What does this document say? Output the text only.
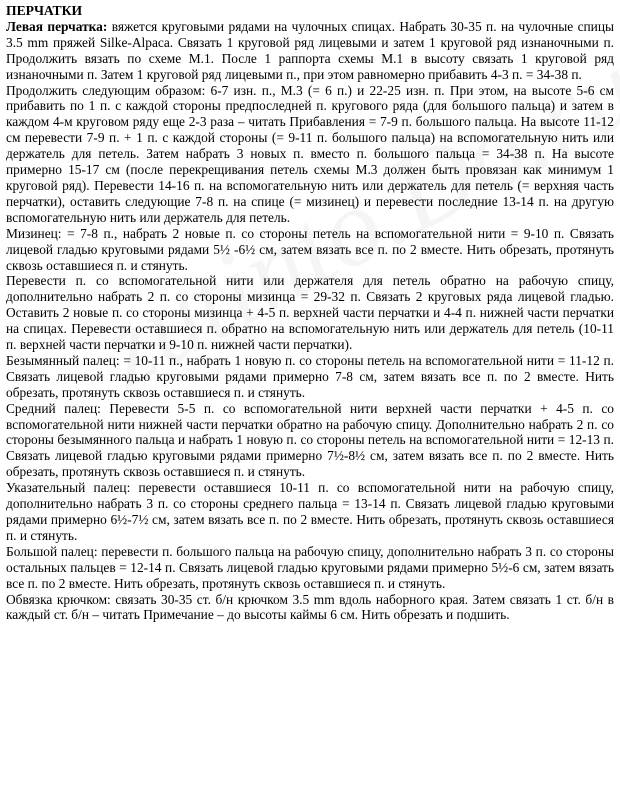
ПЕРЧАТКИ

Левая перчатка: вяжется круговыми рядами на чулочных спицах. Набрать 30-35 п. на чулочные спицы 3.5 mm пряжей Silke-Alpaca. Связать 1 круговой ряд лицевыми и затем 1 круговой ряд изнаночными п. Продолжить вязать по схеме М.1. После 1 раппорта схемы М.1 в высоту связать 1 круговой ряд изнаночными п. Затем 1 круговой ряд лицевыми п., при этом равномерно прибавить 4-3 п. = 34-38 п.

Продолжить следующим образом: 6-7 изн. п., М.3 (= 6 п.) и 22-25 изн. п. При этом, на высоте 5-6 см прибавить по 1 п. с каждой стороны предпоследней п. кругового ряда (для большого пальца) и затем в каждом 4-м круговом ряду еще 2-3 раза – читать Прибавления = 7-9 п. большого пальца. На высоте 11-12 см перевести 7-9 п. + 1 п. с каждой стороны (= 9-11 п. большого пальца) на вспомогательную нить или держатель для петель. Затем набрать 3 новых п. вместо п. большого пальца = 34-38 п. На высоте примерно 15-17 см (после перекрещивания петель схемы М.3 должен быть провязан как минимум 1 круговой ряд). Перевести 14-16 п. на вспомогательную нить или держатель для петель (= верхняя часть перчатки), оставить следующие 7-8 п. на спице (= мизинец) и перевести последние 13-14 п. на другую вспомогательную нить или держатель для петель.

Мизинец: = 7-8 п., набрать 2 новые п. со стороны петель на вспомогательной нити = 9-10 п. Связать лицевой гладью круговыми рядами 5½ -6½ см, затем вязать все п. по 2 вместе. Нить обрезать, протянуть сквозь оставшиеся п. и стянуть.

Перевести п. со вспомогательной нити или держателя для петель обратно на рабочую спицу, дополнительно набрать 2 п. со стороны мизинца = 29-32 п. Связать 2 круговых ряда лицевой гладью. Оставить 2 новые п. со стороны мизинца + 4-5 п. верхней части перчатки и 4-4 п. нижней части перчатки на спицах. Перевести оставшиеся п. обратно на вспомогательную нить или держатель для петель (10-11 п. верхней части перчатки и 9-10 п. нижней части перчатки).

Безымянный палец: = 10-11 п., набрать 1 новую п. со стороны петель на вспомогательной нити = 11-12 п. Связать лицевой гладью круговыми рядами примерно 7-8 см, затем вязать все п. по 2 вместе. Нить обрезать, протянуть сквозь оставшиеся п. и стянуть.

Средний палец: Перевести 5-5 п. со вспомогательной нити верхней части перчатки + 4-5 п. со вспомогательной нити нижней части перчатки обратно на рабочую спицу. Дополнительно набрать 2 п. со стороны безымянного пальца и набрать 1 новую п. со стороны петель на вспомогательной нити = 12-13 п. Связать лицевой гладью круговыми рядами примерно 7½-8½ см, затем вязать все п. по 2 вместе. Нить обрезать, протянуть сквозь оставшиеся п. и стянуть.

Указательный палец: перевести оставшиеся 10-11 п. со вспомогательной нити на рабочую спицу, дополнительно набрать 3 п. со стороны среднего пальца = 13-14 п. Связать лицевой гладью круговыми рядами примерно 6½-7½ см, затем вязать все п. по 2 вместе. Нить обрезать, протянуть сквозь оставшиеся п. и стянуть.

Большой палец: перевести п. большого пальца на рабочую спицу, дополнительно набрать 3 п. со стороны остальных пальцев = 12-14 п. Связать лицевой гладью круговыми рядами примерно 5½-6 см, затем вязать все п. по 2 вместе. Нить обрезать, протянуть сквозь оставшиеся п. и стянуть.

Обвязка крючком: связать 30-35 ст. б/н крючком 3.5 mm вдоль наборного края. Затем связать 1 ст. б/н в каждый ст. б/н – читать Примечание – до высоты каймы 6 см. Нить обрезать и подшить.
